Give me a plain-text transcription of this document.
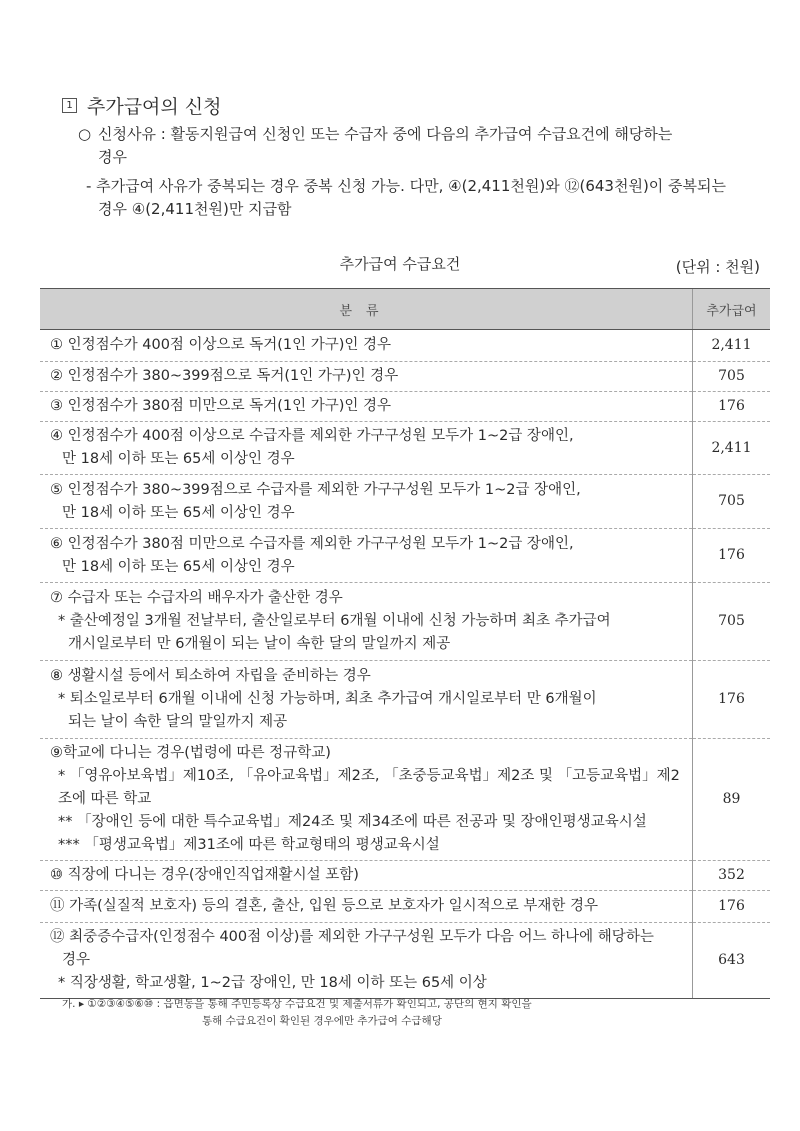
1 추가급여의 신청
○ 신청사유 : 활동지원급여 신청인 또는 수급자 중에 다음의 추가급여 수급요건에 해당하는
경우
- 추가급여 사유가 중복되는 경우 중복 신청 가능. 다만, ④(2,411천원)와 ⑫(643천원)이 중복되는
경우 ④(2,411천원)만 지급함
추가급여 수급요건	(단위 : 천원)
분류	추가급여

① 인정점수가 400점 이상으로 독거(1인 가구)인 경우	2,411

② 인정점수가 380~399점으로 독거(1인 가구)인 경우	705

③ 인정점수가 380점 미만으로 독거(1인 가구)인 경우	176

④ 인정점수가 400점 이상으로 수급자를 제외한 가구구성원 모두가 1~2급 장애인,
만 18세 이하 또는 65세 이상인 경우	2,411

⑤ 인정점수가 380~399점으로 수급자를 제외한 가구구성원 모두가 1~2급 장애인,
만 18세 이하 또는 65세 이상인 경우	705

⑥ 인정점수가 380점 미만으로 수급자를 제외한 가구구성원 모두가 1~2급 장애인,
만 18세 이하 또는 65세 이상인 경우	176

⑦ 수급자 또는 수급자의 배우자가 출산한 경우
* 출산예정일 3개월 전날부터, 출산일로부터 6개월 이내에 신청 가능하며 최초 추가급여
개시일로부터 만 6개월이 되는 날이 속한 달의 말일까지 제공	705

⑧ 생활시설 등에서 퇴소하여 자립을 준비하는 경우
* 퇴소일로부터 6개월 이내에 신청 가능하며, 최초 추가급여 개시일로부터 만 6개월이
되는 날이 속한 달의 말일까지 제공	176

⑨학교에 다니는 경우(법령에 따른 정규학교)
* 「영유아보육법」제10조, 「유아교육법」제2조, 「초중등교육법」제2조 및 「고등교육법」제2조에 따른 학교
** 「장애인 등에 대한 특수교육법」제24조 및 제34조에 따른 전공과 및 장애인평생교육시설
*** 「평생교육법」제31조에 따른 학교형태의 평생교육시설	89

⑩ 직장에 다니는 경우(장애인직업재활시설 포함)	352

⑪ 가족(실질적 보호자) 등의 결혼, 출산, 입원 등으로 보호자가 일시적으로 부재한 경우	176

⑫ 최중증수급자(인정점수 400점 이상)를 제외한 가구구성원 모두가 다음 어느 하나에 해당하는
경우
* 직장생활, 학교생활, 1~2급 장애인, 만 18세 이하 또는 65세 이상	643
가. ▸ ①②③④⑤⑥⑩ : 읍면동을 통해 주민등록상 수급요건 및 제출서류가 확인되고, 공단의 현지 확인을
통해 수급요건이 확인된 경우에만 추가급여 수급해당
